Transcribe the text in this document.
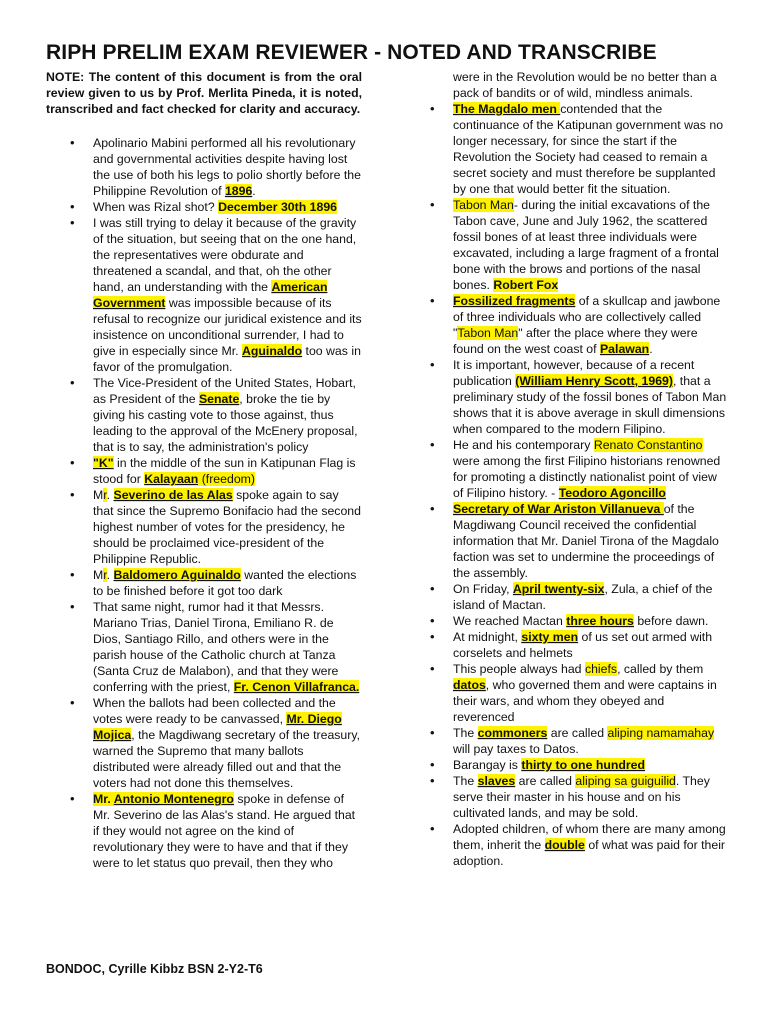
RIPH PRELIM EXAM REVIEWER - NOTED AND TRANSCRIBE

NOTE: The content of this document is from the oral review given to us by Prof. Merlita Pineda, it is noted, transcribed and fact checked for clarity and accuracy.

• Apolinario Mabini performed all his revolutionary and governmental activities despite having lost the use of both his legs to polio shortly before the Philippine Revolution of 1896.
• When was Rizal shot? December 30th 1896
• I was still trying to delay it because of the gravity of the situation, but seeing that on the one hand, the representatives were obdurate and threatened a scandal, and that, oh the other hand, an understanding with the American Government was impossible because of its refusal to recognize our juridical existence and its insistence on unconditional surrender, I had to give in especially since Mr. Aguinaldo too was in favor of the promulgation.
• The Vice-President of the United States, Hobart, as President of the Senate, broke the tie by giving his casting vote to those against, thus leading to the approval of the McEnery proposal, that is to say, the administration's policy
• "K" in the middle of the sun in Katipunan Flag is stood for Kalayaan (freedom)
• Mr. Severino de las Alas spoke again to say that since the Supremo Bonifacio had the second highest number of votes for the presidency, he should be proclaimed vice-president of the Philippine Republic.
• Mr. Baldomero Aguinaldo wanted the elections to be finished before it got too dark
• That same night, rumor had it that Messrs. Mariano Trias, Daniel Tirona, Emiliano R. de Dios, Santiago Rillo, and others were in the parish house of the Catholic church at Tanza (Santa Cruz de Malabon), and that they were conferring with the priest, Fr. Cenon Villafranca.
• When the ballots had been collected and the votes were ready to be canvassed, Mr. Diego Mojica, the Magdiwang secretary of the treasury, warned the Supremo that many ballots distributed were already filled out and that the voters had not done this themselves.
• Mr. Antonio Montenegro spoke in defense of Mr. Severino de las Alas's stand. He argued that if they would not agree on the kind of revolutionary they were to have and that if they were to let status quo prevail, then they who
were in the Revolution would be no better than a pack of bandits or of wild, mindless animals.
• The Magdalo men contended that the continuance of the Katipunan government was no longer necessary, for since the start if the Revolution the Society had ceased to remain a secret society and must therefore be supplanted by one that would better fit the situation.
• Tabon Man- during the initial excavations of the Tabon cave, June and July 1962, the scattered fossil bones of at least three individuals were excavated, including a large fragment of a frontal bone with the brows and portions of the nasal bones. Robert Fox
• Fossilized fragments of a skullcap and jawbone of three individuals who are collectively called "Tabon Man" after the place where they were found on the west coast of Palawan.
• It is important, however, because of a recent publication (William Henry Scott, 1969), that a preliminary study of the fossil bones of Tabon Man shows that it is above average in skull dimensions when compared to the modern Filipino.
• He and his contemporary Renato Constantino were among the first Filipino historians renowned for promoting a distinctly nationalist point of view of Filipino history. - Teodoro Agoncillo
• Secretary of War Ariston Villanueva of the Magdiwang Council received the confidential information that Mr. Daniel Tirona of the Magdalo faction was set to undermine the proceedings of the assembly.
• On Friday, April twenty-six, Zula, a chief of the island of Mactan.
• We reached Mactan three hours before dawn.
• At midnight, sixty men of us set out armed with corselets and helmets
• This people always had chiefs, called by them datos, who governed them and were captains in their wars, and whom they obeyed and reverenced
• The commoners are called aliping namamahay will pay taxes to Datos.
• Barangay is thirty to one hundred
• The slaves are called aliping sa guiguilid. They serve their master in his house and on his cultivated lands, and may be sold.
• Adopted children, of whom there are many among them, inherit the double of what was paid for their adoption.
BONDOC, Cyrille Kibbz BSN 2-Y2-T6
